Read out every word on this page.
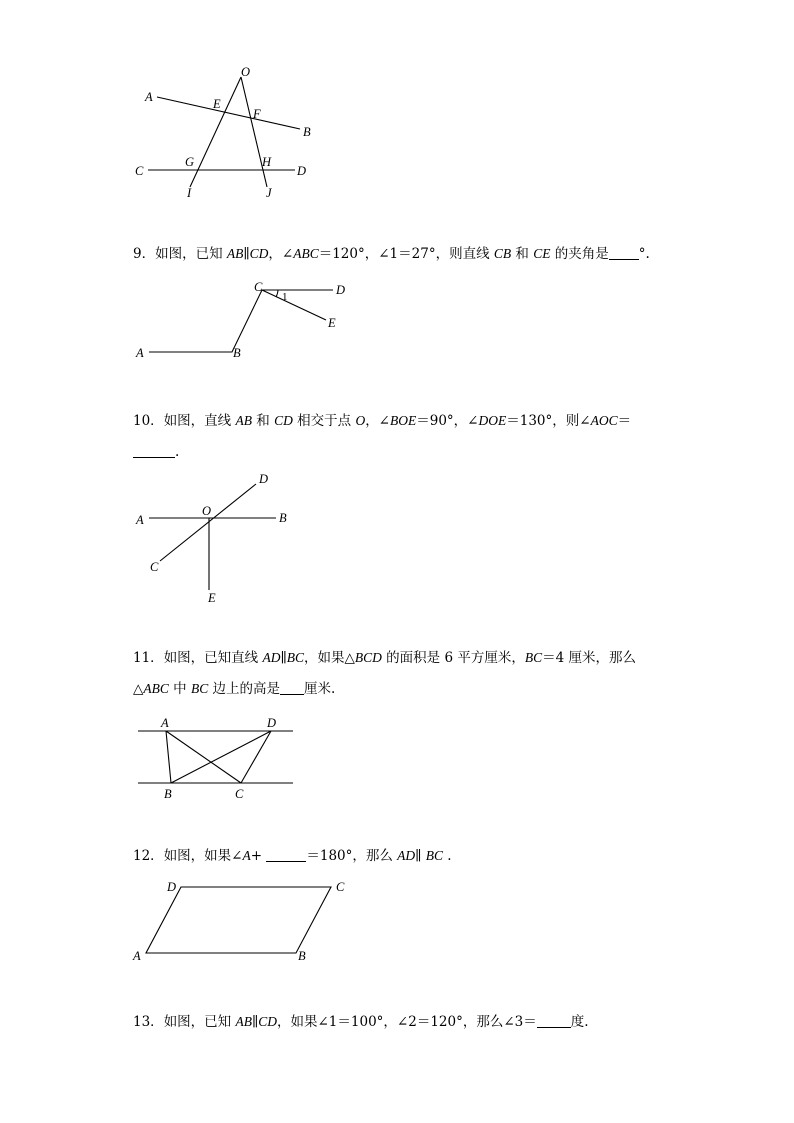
O
A	E
F
B
C
G	H
D
I	J
9．如图，已知 AB∥CD，∠ABC＝120°，∠1＝27°，则直线 CB 和 CE 的夹角是 °.
C	D
1
E
A	B
10．如图，直线 AB 和 CD 相交于点 O，∠BOE＝90°，∠DOE＝130°，则∠AOC＝
.
D
A
O	B
C
E
11．如图，已知直线 AD∥BC，如果△BCD 的面积是 6 平方厘米，BC＝4 厘米，那么
△ABC 中 BC 边上的高是 厘米.
A	D
B	C
12．如图，如果∠A+	＝180°，那么 AD∥ BC .
D	C
A	B
13．如图，已知 AB∥CD，如果∠1＝100°，∠2＝120°，那么∠3＝	度.
